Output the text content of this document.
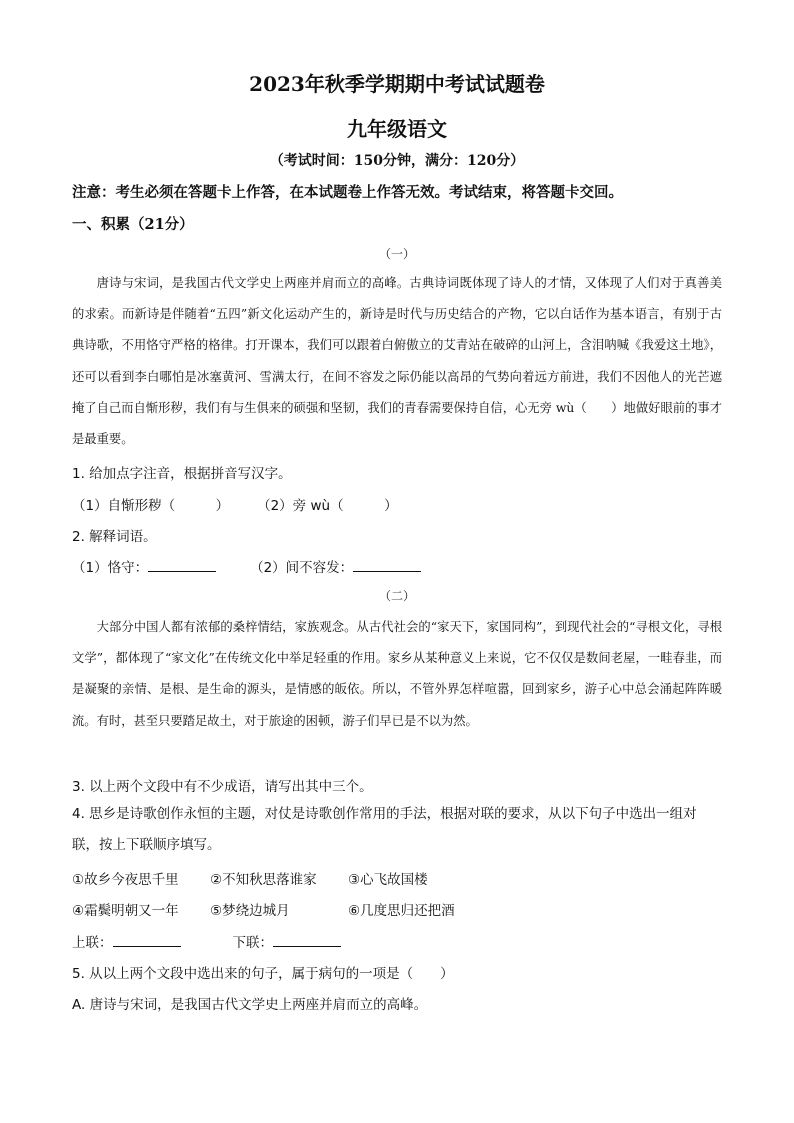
2023年秋季学期期中考试试题卷
九年级语文
（考试时间：150分钟，满分：120分）
注意：考生必须在答题卡上作答，在本试题卷上作答无效。考试结束，将答题卡交回。
一、积累（21分）
（一）
唐诗与宋词，是我国古代文学史上两座并肩而立的高峰。古典诗词既体现了诗人的才情，又体现了人们对于真善美的求索。而新诗是伴随着“五四”新文化运动产生的，新诗是时代与历史结合的产物，它以白话作为基本语言，有别于古典诗歌，不用恪守严格的格律。打开课本，我们可以跟着白俯傲立的艾青站在破碎的山河上，含泪呐喊《我爱这土地》，还可以看到李白哪怕是冰塞黄河、雪满太行，在间不容发之际仍能以高昂的气势向着远方前进，我们不因他人的光芒遮掩了自己而自惭形秽，我们有与生俱来的硕强和坚韧，我们的青春需要保持自信，心无旁 wù（　　）地做好眼前的事才是最重要。
1. 给加点字注音，根据拼音写汉字。
（1）自惭形秽（　　　） （2）旁 wù（　　　）
2. 解释词语。
（1）恪守：	（2）间不容发：
（二）
大部分中国人都有浓郁的桑梓情结，家族观念。从古代社会的“家天下，家国同构”，到现代社会的“寻根文化，寻根文学”，都体现了“家文化”在传统文化中举足轻重的作用。家乡从某种意义上来说，它不仅仅是数间老屋，一畦春韭，而是凝聚的亲情、是根、是生命的源头，是情感的皈依。所以，不管外界怎样喧嚣，回到家乡，游子心中总会涌起阵阵暖流。有时，甚至只要踏足故土，对于旅途的困顿，游子们早已是不以为然。
3. 以上两个文段中有不少成语，请写出其中三个。
4. 思乡是诗歌创作永恒的主题，对仗是诗歌创作常用的手法，根据对联的要求，从以下句子中选出一组对联，按上下联顺序填写。
①故乡今夜思千里 ②不知秋思落谁家 ③心飞故国楼
④霜鬓明朝又一年 ⑤梦绕边城月	⑥几度思归还把酒
上联：	下联：
5. 从以上两个文段中选出来的句子，属于病句的一项是（　　）
A. 唐诗与宋词，是我国古代文学史上两座并肩而立的高峰。
